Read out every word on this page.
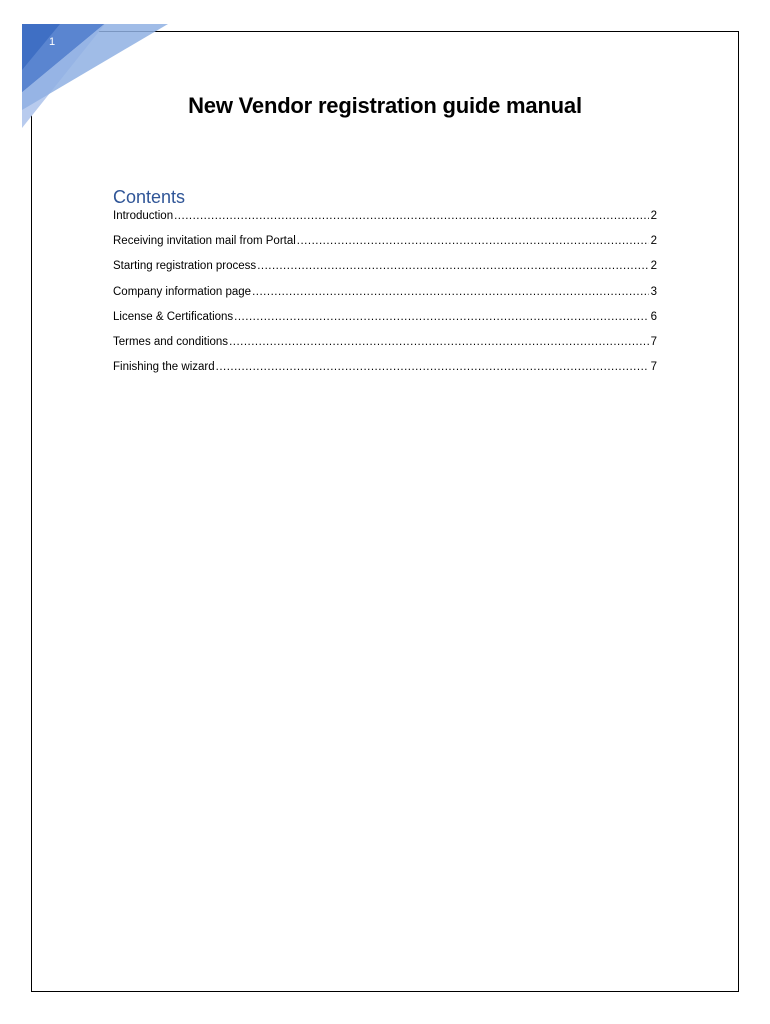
1
New Vendor registration guide manual
Contents
Introduction .....	2
Receiving invitation mail from Portal .....	2
Starting registration process .....	2
Company information page .....	3
License & Certifications .....	6
Termes and conditions .....	7
Finishing the wizard .....	7
